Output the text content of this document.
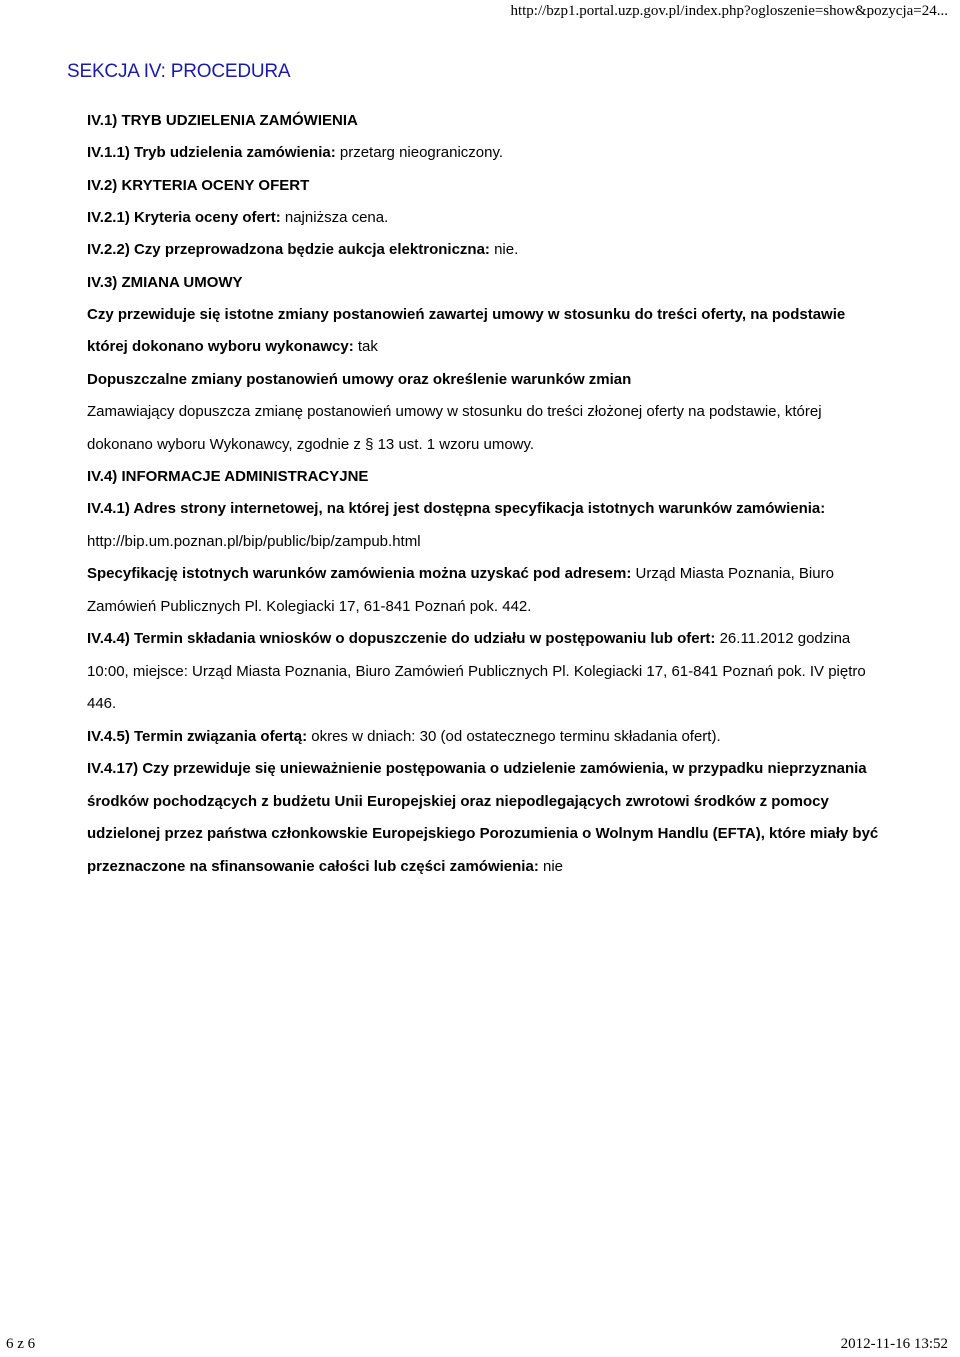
http://bzp1.portal.uzp.gov.pl/index.php?ogloszenie=show&pozycja=24...
SEKCJA IV: PROCEDURA

IV.1) TRYB UDZIELENIA ZAMÓWIENIA

IV.1.1) Tryb udzielenia zamówienia: przetarg nieograniczony.

IV.2) KRYTERIA OCENY OFERT

IV.2.1) Kryteria oceny ofert: najniższa cena.

IV.2.2) Czy przeprowadzona będzie aukcja elektroniczna: nie.

IV.3) ZMIANA UMOWY

Czy przewiduje się istotne zmiany postanowień zawartej umowy w stosunku do treści oferty, na podstawie której dokonano wyboru wykonawcy: tak

Dopuszczalne zmiany postanowień umowy oraz określenie warunków zmian

Zamawiający dopuszcza zmianę postanowień umowy w stosunku do treści złożonej oferty na podstawie, której dokonano wyboru Wykonawcy, zgodnie z § 13 ust. 1 wzoru umowy.

IV.4) INFORMACJE ADMINISTRACYJNE

IV.4.1) Adres strony internetowej, na której jest dostępna specyfikacja istotnych warunków zamówienia: http://bip.um.poznan.pl/bip/public/bip/zampub.html

Specyfikację istotnych warunków zamówienia można uzyskać pod adresem: Urząd Miasta Poznania, Biuro Zamówień Publicznych Pl. Kolegiacki 17, 61-841 Poznań pok. 442.

IV.4.4) Termin składania wniosków o dopuszczenie do udziału w postępowaniu lub ofert: 26.11.2012 godzina 10:00, miejsce: Urząd Miasta Poznania, Biuro Zamówień Publicznych Pl. Kolegiacki 17, 61-841 Poznań pok. IV piętro 446.

IV.4.5) Termin związania ofertą: okres w dniach: 30 (od ostatecznego terminu składania ofert).

IV.4.17) Czy przewiduje się unieważnienie postępowania o udzielenie zamówienia, w przypadku nieprzyznania środków pochodzących z budżetu Unii Europejskiej oraz niepodlegających zwrotowi środków z pomocy udzielonej przez państwa członkowskie Europejskiego Porozumienia o Wolnym Handlu (EFTA), które miały być przeznaczone na sfinansowanie całości lub części zamówienia: nie

6 z 6	2012-11-16 13:52
